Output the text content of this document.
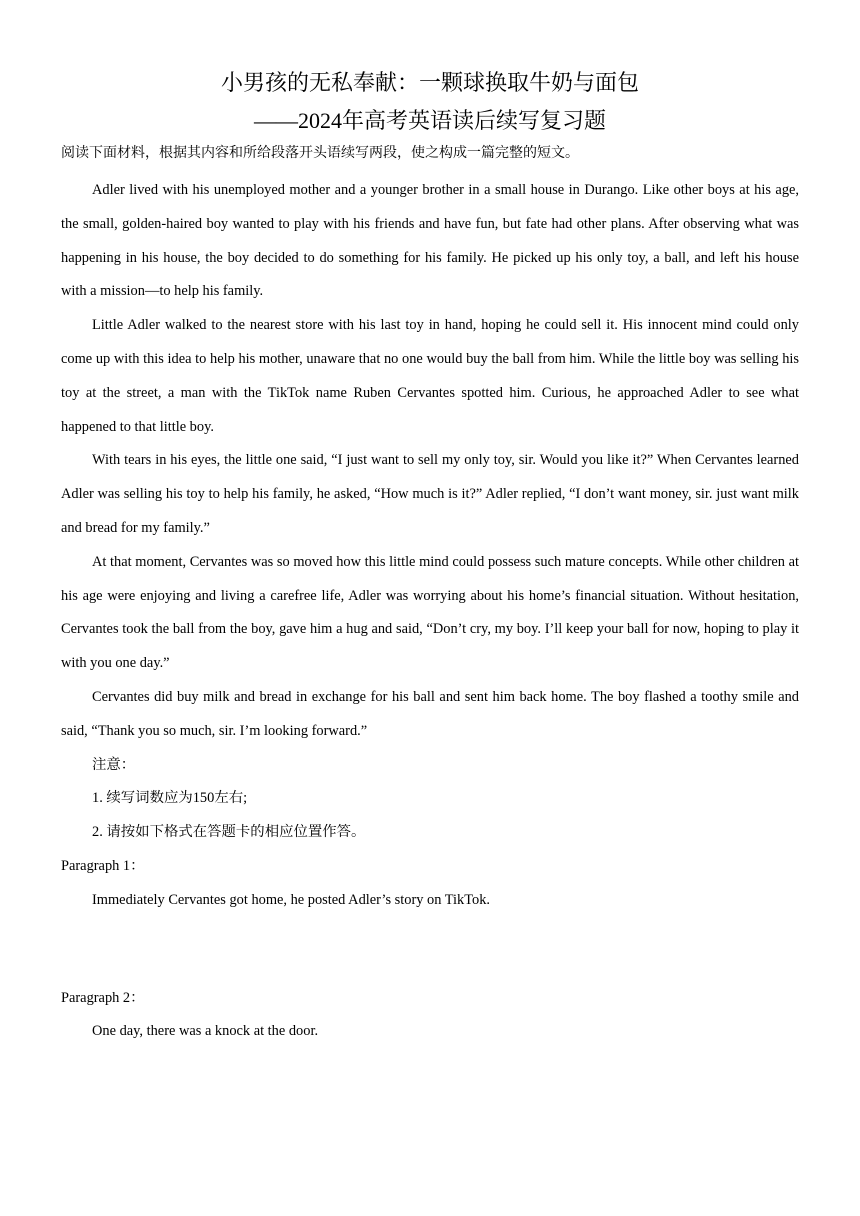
小男孩的无私奉献：一颗球换取牛奶与面包
——2024年高考英语读后续写复习题

阅读下面材料，根据其内容和所给段落开头语续写两段，使之构成一篇完整的短文。

Adler lived with his unemployed mother and a younger brother in a small house in Durango. Like other boys at his age, the small, golden-haired boy wanted to play with his friends and have fun, but fate had other plans. After observing what was happening in his house, the boy decided to do something for his family. He picked up his only toy, a ball, and left his house with a mission—to help his family.

Little Adler walked to the nearest store with his last toy in hand, hoping he could sell it. His innocent mind could only come up with this idea to help his mother, unaware that no one would buy the ball from him. While the little boy was selling his toy at the street, a man with the TikTok name Ruben Cervantes spotted him. Curious, he approached Adler to see what happened to that little boy.

With tears in his eyes, the little one said, “I just want to sell my only toy, sir. Would you like it?” When Cervantes learned Adler was selling his toy to help his family, he asked, “How much is it?” Adler replied, “I don’t want money, sir. just want milk and bread for my family.”

At that moment, Cervantes was so moved how this little mind could possess such mature concepts. While other children at his age were enjoying and living a carefree life, Adler was worrying about his home’s financial situation. Without hesitation, Cervantes took the ball from the boy, gave him a hug and said, “Don’t cry, my boy. I’ll keep your ball for now, hoping to play it with you one day.”

Cervantes did buy milk and bread in exchange for his ball and sent him back home. The boy flashed a toothy smile and said, “Thank you so much, sir. I’m looking forward.”

注意：

1. 续写词数应为150左右;

2. 请按如下格式在答题卡的相应位置作答。

Paragraph 1：

Immediately Cervantes got home, he posted Adler’s story on TikTok.

Paragraph 2：

One day, there was a knock at the door.
